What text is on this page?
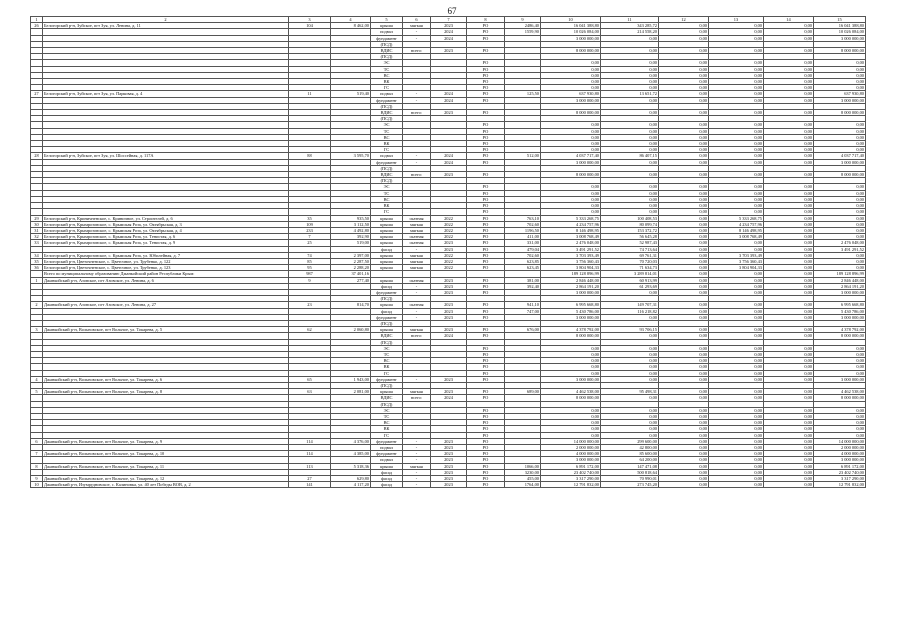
67
1	2	3	4	5	6	7	8	9	10	11	12	13	14	15
26	Белогорский р-н, Зуйское, пгт Зуя, ул. Ленина, д. 11	104	8 462,00	крыша	мягкая	2023	РО	2486,40	16 041 388,80	343 285,72	0,00	0,00	0,00	16 041 388,80
				подвал	-	2024	РО	1559,90	10 026 084,00	214 558,20	0,00	0,00	0,00	10 026 084,00
				фундамент	-	2024	РО		3 000 000,00	0,00	0,00	0,00	0,00	3 000 000,00
				(ПСД)										
				ВДИС	всего:	2023	РО		8 000 000,00	0,00	0,00	0,00	0,00	8 000 000,00
				(ПСД)										
				ЭС			РО		0,00	0,00	0,00	0,00	0,00	0,00
				ТС			РО		0,00	0,00	0,00	0,00	0,00	0,00
				ВС			РО		0,00	0,00	0,00	0,00	0,00	0,00
				ВК			РО		0,00	0,00	0,00	0,00	0,00	0,00
				ГС			РО		0,00	0,00	0,00	0,00	0,00	0,00
27	Белогорский р-н, Зуйское, пгт Зуя, ул. Парковая, д. 4	11	519,40	подвал	-	2024	РО	125,50	637 930,80	13 651,72	0,00	0,00	0,00	637 930,80
				фундамент	-	2024	РО		3 000 000,00	0,00	0,00	0,00	0,00	3 000 000,00
				(ПСД)										
				ВДИС	всего:	2023	РО		8 000 000,00	0,00	0,00	0,00	0,00	8 000 000,00
				(ПСД)										
				ЭС			РО		0,00	0,00	0,00	0,00	0,00	0,00
				ТС			РО		0,00	0,00	0,00	0,00	0,00	0,00
				ВС			РО		0,00	0,00	0,00	0,00	0,00	0,00
				ВК			РО		0,00	0,00	0,00	0,00	0,00	0,00
				ГС			РО		0,00	0,00	0,00	0,00	0,00	0,00
28	Белогорский р-н, Зуйское, пгт Зуя, ул. Шоссейная, д. 117А	88	3 595,70	подвал	-	2024	РО	512,00	4 037 717,40	86 407,15	0,00	0,00	0,00	4 037 717,40
				фундамент	-	2024	РО		3 000 000,00	0,00	0,00	0,00	0,00	3 000 000,00
				(ПСД)										
				ВДИС	всего:	2023	РО		8 000 000,00	0,00	0,00	0,00	0,00	8 000 000,00
				(ПСД)										
				ЭС			РО		0,00	0,00	0,00	0,00	0,00	0,00
				ТС			РО		0,00	0,00	0,00	0,00	0,00	0,00
				ВС			РО		0,00	0,00	0,00	0,00	0,00	0,00
				ВК			РО		0,00	0,00	0,00	0,00	0,00	0,00
				ГС			РО		0,00	0,00	0,00	0,00	0,00	0,00
29	Белогорский р-н, Криничненское, с. Криничное, ул. Строителей, д. 6	35	935,50	крыша	скатная	2022	РО	763,10	5 333 268,75	100 408,53	0,00	5 333 268,75	0,00	0,00
30	Белогорский р-н, Крымрозовское, с. Крымская Роза, ул. Октябрьская, д. 3	109	3 112,50	крыша	мягкая	2022	РО	702,60	4 234 757,96	80 099,74	0,00	4 234 757,96	0,00	0,00
31	Белогорский р-н, Крымрозовское, с. Крымская Роза, ул. Октябрьская, д. 4	233	4 492,80	крыша	мягкая	2022	РО	1196,50	8 146 498,95	153 372,72	0,00	8 146 498,95	0,00	0,00
32	Белогорский р-н, Крымрозовское, с. Крымская Роза, ул. Тенистая, д. 6	7	392,90	крыша	скатная	2022	РО	411,00	3 008 768,49	56 645,28	0,00	3 008 768,49	0,00	0,00
33	Белогорский р-н, Крымрозовское, с. Крымская Роза, ул. Тенистая, д. 9	25	519,00	крыша	скатная	2023	РО	331,00	2 476 048,00	52 987,43	0,00	0,00	0,00	2 476 048,00
				фасад	-	2023	РО	479,04	3 491 291,52	74 713,64	0,00	0,00	0,00	3 491 291,52
34	Белогорский р-н, Крымрозовское, с. Крымская Роза, ул. Юбилейная, д. 7	74	2 397,00	крыша	мягкая	2022	РО	702,60	3 703 393,49	69 761,31	0,00	3 703 393,49	0,00	0,00
35	Белогорский р-н, Цветочненское, с. Цветочное, ул. Трубенко, д. 122	85	2 287,50	крыша	мягкая	2022	РО	623,85	3 756 360,43	70 720,03	0,00	3 756 360,43	0,00	0,00
36	Белогорский р-н, Цветочненское, с. Цветочное, ул. Трубенко, д. 123	95	2 288,20	крыша	мягкая	2022	РО	623,45	3 804 904,33	71 634,73	0,00	3 804 904,33	0,00	0,00
	Всего по муниципальному образованию Джанкойский район Республики Крым:	987	37 401,16						189 128 896,99	3 289 814,01	0,00	0,00	0,00	189 128 896,99
1	Джанкойский р-н, Азовское, пгт Азовское, ул. Ленина, д. 6	9	277,40	крыша	скатная	2023	РО	381,00	2 846 448,00	60 913,99	0,00	0,00	0,00	2 846 448,00
				фасад	-	2023	РО	392,40	2 864 191,20	61 293,69	0,00	0,00	0,00	2 864 191,20
				фундамент	-	2023	РО		3 000 000,00	0,00	0,00	0,00	0,00	3 000 000,00
				(ПСД)										
2	Джанкойский р-н, Азовское, пгт Азовское, ул. Ленина, д. 27	23	814,70	крыша	скатная	2023	РО	941,10	6 995 668,80	149 707,31	0,00	0,00	0,00	6 995 668,80
				фасад	-	2023	РО	747,00	5 430 786,00	116 218,82	0,00	0,00	0,00	5 430 786,00
				фундамент	-	2023	РО		3 000 000,00	0,00	0,00	0,00	0,00	3 000 000,00
				(ПСД)										
3	Джанкойский р-н, Вольновское, пгт Вольное, ул. Токарева, д. 5	62	2 060,80	крыша	мягкая	2023	РО	676,00	4 378 792,00	93 706,15	0,00	0,00	0,00	4 378 792,00
				ВДИС	всего:	2024	РО		8 000 000,00	0,00	0,00	0,00	0,00	8 000 000,00
				(ПСД)										
				ЭС			РО		0,00	0,00	0,00	0,00	0,00	0,00
				ТС			РО		0,00	0,00	0,00	0,00	0,00	0,00
				ВС			РО		0,00	0,00	0,00	0,00	0,00	0,00
				ВК			РО		0,00	0,00	0,00	0,00	0,00	0,00
				ГС			РО		0,00	0,00	0,00	0,00	0,00	0,00
4	Джанкойский р-н, Вольновское, пгт Вольное, ул. Токарева, д. 6	65	1 943,00	фундамент	-	2023	РО		3 000 000,00	0,00	0,00	0,00	0,00	3 000 000,00
				(ПСД)										
5	Джанкойский р-н, Вольновское, пгт Вольное, ул. Токарева, д. 8	63	2 081,00	крыша	мягкая	2023	РО	689,00	4 462 538,00	95 498,31	0,00	0,00	0,00	4 462 538,00
				ВДИС	всего:	2024	РО		8 000 000,00	0,00	0,00	0,00	0,00	8 000 000,00
				(ПСД)										
				ЭС			РО		0,00	0,00	0,00	0,00	0,00	0,00
				ТС			РО		0,00	0,00	0,00	0,00	0,00	0,00
				ВС			РО		0,00	0,00	0,00	0,00	0,00	0,00
				ВК			РО		0,00	0,00	0,00	0,00	0,00	0,00
				ГС			РО		0,00	0,00	0,00	0,00	0,00	0,00
6	Джанкойский р-н, Вольновское, пгт Вольное, ул. Токарева, д. 9	114	4 376,00	фундамент	-	2023	РО		14 000 000,00	299 600,00	0,00	0,00	0,00	14 000 000,00
				подвал	-	2023	РО		2 000 000,00	42 800,00	0,00	0,00	0,00	2 000 000,00
7	Джанкойский р-н, Вольновское, пгт Вольное, ул. Токарева, д. 10	114	4 385,00	фундамент	-	2023	РО		4 000 000,00	85 600,00	0,00	0,00	0,00	4 000 000,00
				подвал	-	2023	РО		3 000 000,00	64 200,00	0,00	0,00	0,00	3 000 000,00
8	Джанкойский р-н, Вольновское, пгт Вольное, ул. Токарева, д. 11	113	5 318,36	крыша	мягкая	2023	РО	1066,00	6 891 172,00	147 471,08	0,00	0,00	0,00	6 891 172,00
				фасад	-	2023	РО	3230,00	23 402 740,00	500 818,64	0,00	0,00	0,00	23 402 740,00
9	Джанкойский р-н, Вольновское, пгт Вольное, ул. Токарева, д. 12	27	629,80	фасад	-	2023	РО	455,00	3 317 290,00	70 990,01	0,00	0,00	0,00	3 317 290,00
10	Джанкойский р-н, Изумрудновское, с. Калиновка, ул. 40 лет Победы ВОВ, д. 2	141	4 117,20	фасад	-	2023	РО	1764,00	12 791 832,00	273 745,20	0,00	0,00	0,00	12 791 832,00
